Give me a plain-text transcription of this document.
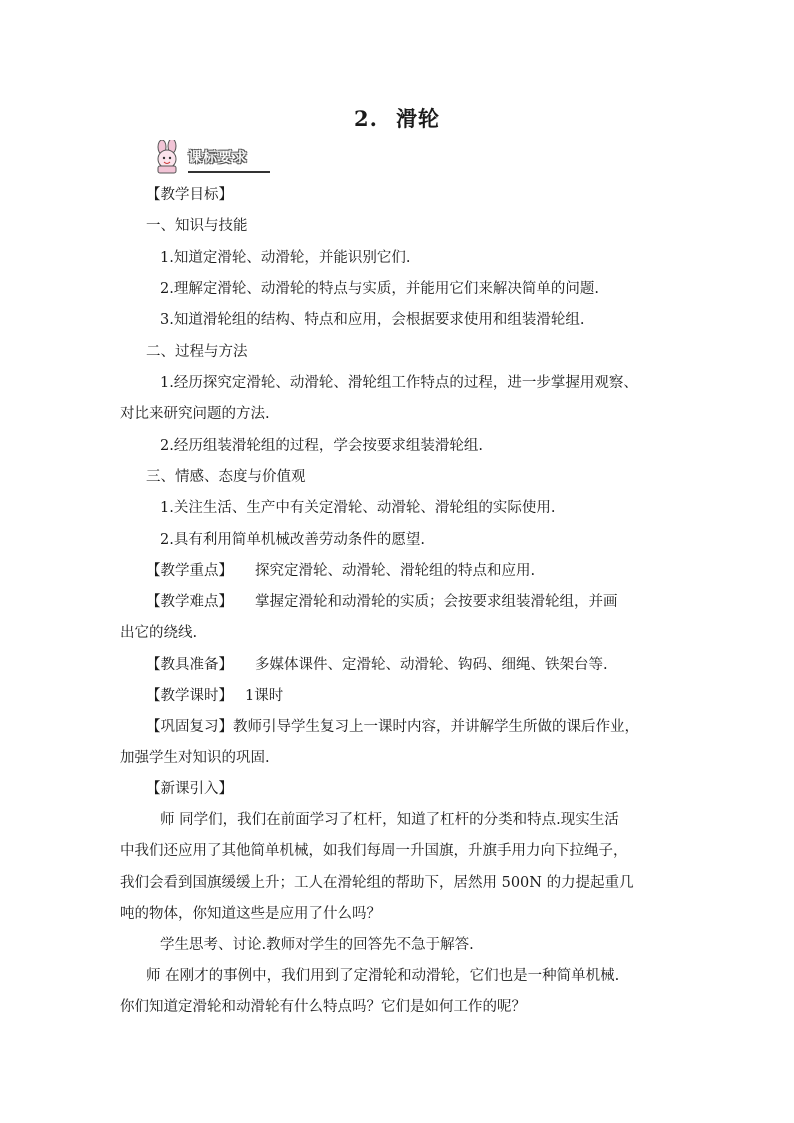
2. 滑轮
课标要求
【教学目标】
一、知识与技能
1.知道定滑轮、动滑轮，并能识别它们.
2.理解定滑轮、动滑轮的特点与实质，并能用它们来解决简单的问题.
3.知道滑轮组的结构、特点和应用，会根据要求使用和组装滑轮组.
二、过程与方法
1.经历探究定滑轮、动滑轮、滑轮组工作特点的过程，进一步掌握用观察、
对比来研究问题的方法.
2.经历组装滑轮组的过程，学会按要求组装滑轮组.
三、情感、态度与价值观
1.关注生活、生产中有关定滑轮、动滑轮、滑轮组的实际使用.
2.具有利用简单机械改善劳动条件的愿望.
【教学重点】 探究定滑轮、动滑轮、滑轮组的特点和应用.
【教学难点】 掌握定滑轮和动滑轮的实质；会按要求组装滑轮组，并画
出它的绕线.
【教具准备】 多媒体课件、定滑轮、动滑轮、钩码、细绳、铁架台等.
【教学课时】 1课时
【巩固复习】教师引导学生复习上一课时内容，并讲解学生所做的课后作业，
加强学生对知识的巩固.
【新课引入】
师 同学们，我们在前面学习了杠杆，知道了杠杆的分类和特点.现实生活
中我们还应用了其他简单机械，如我们每周一升国旗，升旗手用力向下拉绳子，
我们会看到国旗缓缓上升；工人在滑轮组的帮助下，居然用 500N 的力提起重几
吨的物体，你知道这些是应用了什么吗？
学生思考、讨论.教师对学生的回答先不急于解答.
师 在刚才的事例中，我们用到了定滑轮和动滑轮，它们也是一种简单机械.
你们知道定滑轮和动滑轮有什么特点吗？它们是如何工作的呢？
